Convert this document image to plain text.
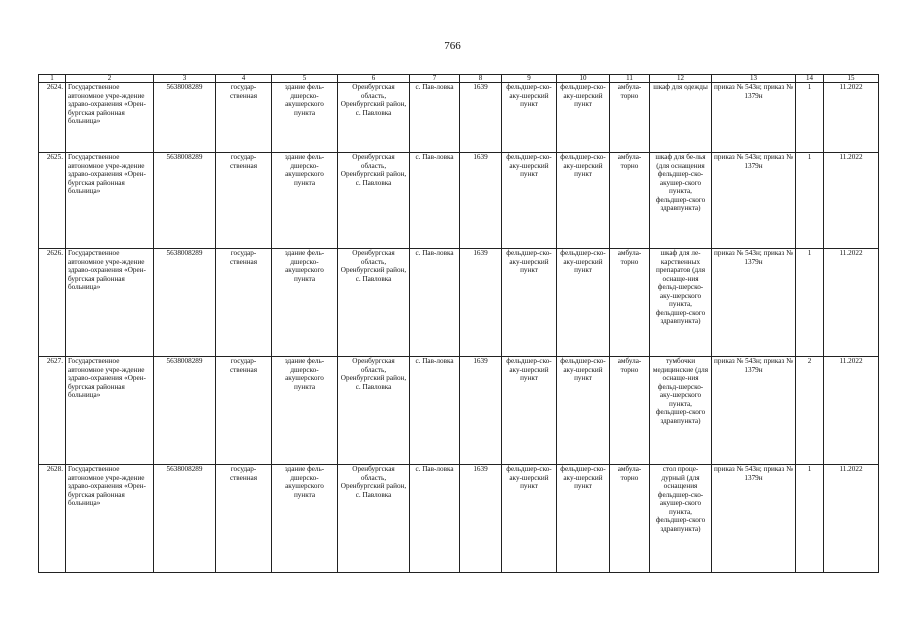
766
1	2	3	4	5	6	7	8	9	10	11	12	13	14	15
2624.	Государственное автономное учре-ждение здраво-охранения «Орен-бургская районная больница»	5638008289	государ-ственная	здание фель-дшерско-акушерского пункта	Оренбургская область, Оренбургский район, с. Павловка	с. Пав-ловка	1639	фельдшер-ско-аку-шерский пункт	фельдшер-ско-аку-шерский пункт	амбула-торно	шкаф для одежды	приказ № 543н; приказ № 1379н	1	11.2022
2625.	Государственное автономное учре-ждение здраво-охранения «Орен-бургская районная больница»	5638008289	государ-ственная	здание фель-дшерско-акушерского пункта	Оренбургская область, Оренбургский район, с. Павловка	с. Пав-ловка	1639	фельдшер-ско-аку-шерский пункт	фельдшер-ско-аку-шерский пункт	амбула-торно	шкаф для бе-лья (для оснащения фельдшер-ско-акушер-ского пункта, фельдшер-ского здравпункта)	приказ № 543н; приказ № 1379н	1	11.2022
2626.	Государственное автономное учре-ждение здраво-охранения «Орен-бургская районная больница»	5638008289	государ-ственная	здание фель-дшерско-акушерского пункта	Оренбургская область, Оренбургский район, с. Павловка	с. Пав-ловка	1639	фельдшер-ско-аку-шерский пункт	фельдшер-ско-аку-шерский пункт	амбула-торно	шкаф для ле-карственных препаратов (для оснаще-ния фельд-шерско-аку-шерского пункта, фельдшер-ского здравпункта)	приказ № 543н; приказ № 1379н	1	11.2022
2627.	Государственное автономное учре-ждение здраво-охранения «Орен-бургская районная больница»	5638008289	государ-ственная	здание фель-дшерско-акушерского пункта	Оренбургская область, Оренбургский район, с. Павловка	с. Пав-ловка	1639	фельдшер-ско-аку-шерский пункт	фельдшер-ско-аку-шерский пункт	амбула-торно	тумбочки медицинские (для оснаще-ния фельд-шерско-аку-шерского пункта, фельдшер-ского здравпункта)	приказ № 543н; приказ № 1379н	2	11.2022
2628.	Государственное автономное учре-ждение здраво-охранения «Орен-бургская районная больница»	5638008289	государ-ственная	здание фель-дшерско-акушерского пункта	Оренбургская область, Оренбургский район, с. Павловка	с. Пав-ловка	1639	фельдшер-ско-аку-шерский пункт	фельдшер-ско-аку-шерский пункт	амбула-торно	стол проце-дурный (для оснащения фельдшер-ско-акушер-ского пункта, фельдшер-ского здравпункта)	приказ № 543н; приказ № 1379н	1	11.2022
